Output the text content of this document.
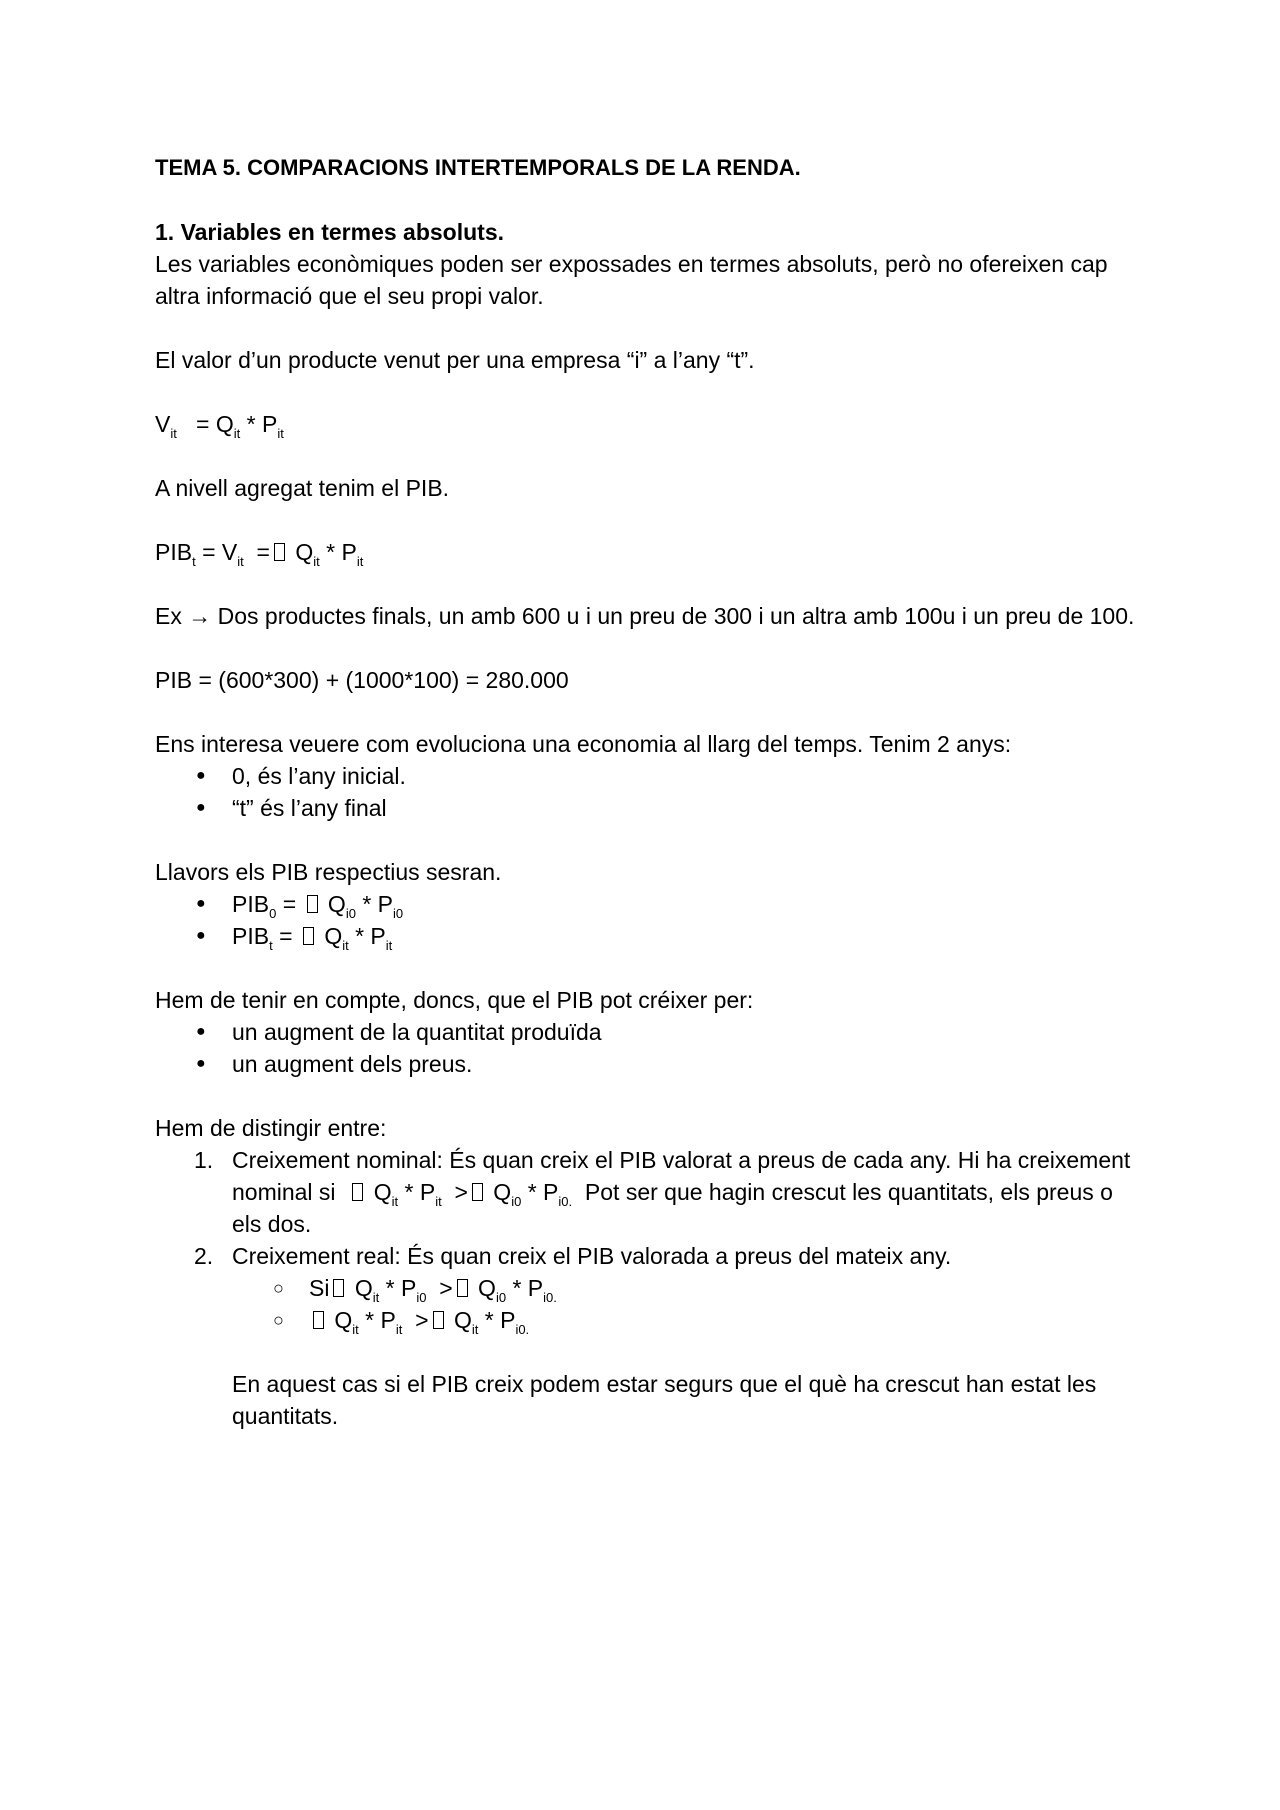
TEMA 5. COMPARACIONS INTERTEMPORALS DE LA RENDA.
1. Variables en termes absoluts.

Les variables econòmiques poden ser expossades en termes absoluts, però no ofereixen cap altra informació que el seu propi valor.

El valor d’un producte venut per una empresa “i” a l’any “t”.

$V_{it} = Q_{it} * P_{it}$

A nivell agregat tenim el PIB.

$PIB_t = V_{it} = Q_{it} * P_{it}$

Ex → Dos productes finals, un amb 600 u i un preu de 300 i un altra amb 100u i un preu de 100.

PIB = (600*300) + (1000*100) = 280.000

Ens interesa veuere com evoluciona una economia al llarg del temps. Tenim 2 anys:
● 0, és l’any inicial.
● “t” és l’any final
Llavors els PIB respectius sesran.
● $PIB_0 = Q_{i0} * P_{i0}$
● $PIB_t = Q_{it} * P_{it}$
Hem de tenir en compte, doncs, que el PIB pot créixer per:
● un augment de la quantitat produïda
● un augment dels preus.
Hem de distingir entre:
Creixement nominal: És quan creix el PIB valorat a preus de cada any. Hi ha creixement nominal si $Q_{it} * P_{it} > Q_{i0} * P_{i0.}$ Pot ser que hagin crescut les quantitats, els preus o els dos.
Creixement real: És quan creix el PIB valorada a preus del mateix any.
○ Si $Q_{it} * P_{i0} > Q_{i0} * P_{i0.}$
○ $Q_{it} * P_{it} > Q_{it} * P_{i0.}$
En aquest cas si el PIB creix podem estar segurs que el què ha crescut han estat les quantitats.
